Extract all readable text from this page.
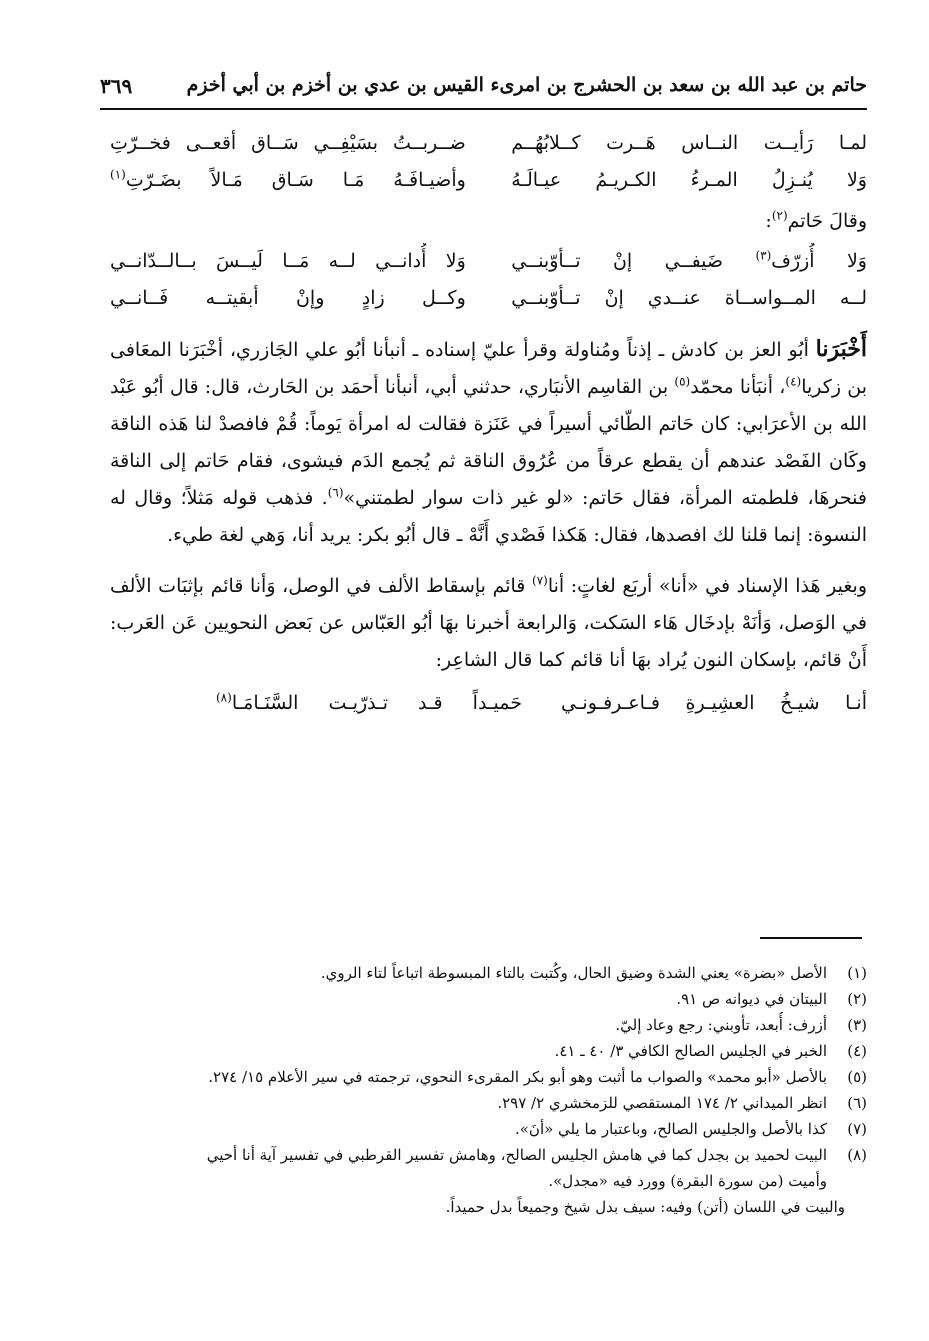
حاتم بن عبد الله بن سعد بن الحشرج بن امرىء القيس بن عدي بن أخزم بن أبي أخزم
٣٦٩
لمـا رَأيــت النــاس هَــرت كــلابُهُــم
ضــربــتُ بسَيْفِــي سَــاق أقعــى فخــرّتِ
وَلا يُنـزِلُ المـرءُ الكـريـمُ عيـالَـهُ
وأضيـافَـهُ مَـا سَـاق مَـالاً بضَـرّتِ$^{(١)}$
وقالَ حَاتم$^{(٢)}$:
وَلا أُزرّف$^{(٣)}$ ضَيفــي إنْ تــأوّبنــي
وَلا أُدانــي لــه مَــا لَيــسَ بــالــدّانــي
لــه المــواســاة عنــدي إنْ تــأوّبنــي
وكــل زادٍ وإنْ أبقيتــه فَــانــي

أَخْبَرَنا أبُو العز بن كادش ـ إذناً ومُناولة وقرأ عليّ إسناده ـ أنبأنا أبُو علي الجَازري، أخْبَرَنا المعَافى بن زكريا$^{(٤)}$، أنبَأنا محمّد$^{(٥)}$ بن القاسِم الأنبَاري، حدثني أبي، أنبأنا أحمَد بن الحَارث، قال: قال أبُو عَبْد الله بن الأعرَابي: كان حَاتم الطّائي أسيراً في عَنَزة فقالت له امرأة يَوماً: قُمْ فافصدْ لنا هَذه الناقة وكَان الفَصْد عندهم أن يقطع عرقاً من عُرُوق الناقة ثم يُجمع الدَم فيشوى، فقام حَاتم إلى الناقة فنحرهَا، فلطمته المرأة، فقال حَاتم: «لو غير ذات سوار لطمتني»$^{(٦)}$. فذهب قوله مَثلاً؛ وقال له النسوة: إنما قلنا لك افصدها، فقال: هَكذا فَصْدي أَنَّهْ ـ قال أبُو بكر: يريد أنا، وَهي لغة طيء.

وبغير هَذا الإسناد في «أنا» أربَع لغاتٍ: أنا$^{(٧)}$ قائم بإسقاط الألف في الوصل، وَأنا قائم بإثبَات الألف في الوَصل، وَأنَهْ بإدخَال هَاء السَكت، وَالرابعة أخبرنا بهَا أبُو العَبّاس عن بَعض النحويين عَن العَرب: أَنْ قائم، بإسكان النون يُراد بهَا أنا قائم كما قال الشاعِر:

أنـا شيـخُ العشِيـرةِ فـاعـرفـونـي
حَميـداً قـد تـذرّيـت السَّنَـامَـا$^{(٨)}$
(١)
الأصل «بضرة» يعني الشدة وضيق الحال، وكُتبت بالتاء المبسوطة اتباعاً لتاء الروي.
(٢)
البيتان في ديوانه ص ٩١.
(٣)
أزرف: أُبعد، تأوبني: رجع وعاد إليّ.
(٤)
الخبر في الجليس الصالح الكافي ٣/ ٤٠ ـ ٤١.
(٥)
بالأصل «أبو محمد» والصواب ما أثبت وهو أبو بكر المقرىء النحوي، ترجمته في سير الأعلام ١٥/ ٢٧٤.
(٦)
انظر الميداني ٢/ ١٧٤ المستقصي للزمخشري ٢/ ٢٩٧.
(٧)
كذا بالأصل والجليس الصالح، وباعتبار ما يلي «أنَ».
(٨)
البيت لحميد بن بجدل كما في هامش الجليس الصالح، وهامش تفسير القرطبي في تفسير آية أنا أحيي
وأميت (من سورة البقرة) وورد فيه «مجدل».
والبيت في اللسان (أتن) وفيه: سيف بدل شيخ وجميعاً بدل حميداً.
